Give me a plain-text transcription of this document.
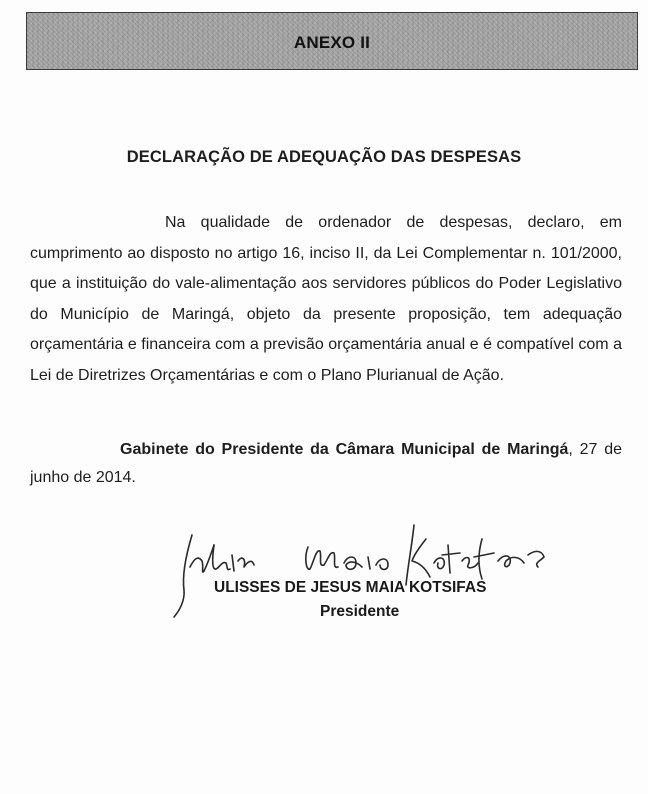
ANEXO II
DECLARAÇÃO DE ADEQUAÇÃO DAS DESPESAS

Na qualidade de ordenador de despesas, declaro, em cumprimento ao disposto no artigo 16, inciso II, da Lei Complementar n. 101/2000, que a instituição do vale-alimentação aos servidores públicos do Poder Legislativo do Município de Maringá, objeto da presente proposição, tem adequação orçamentária e financeira com a previsão orçamentária anual e é compatível com a Lei de Diretrizes Orçamentárias e com o Plano Plurianual de Ação.

Gabinete do Presidente da Câmara Municipal de Maringá, 27 de junho de 2014.

ULISSES DE JESUS MAIA KOTSIFAS
Presidente
